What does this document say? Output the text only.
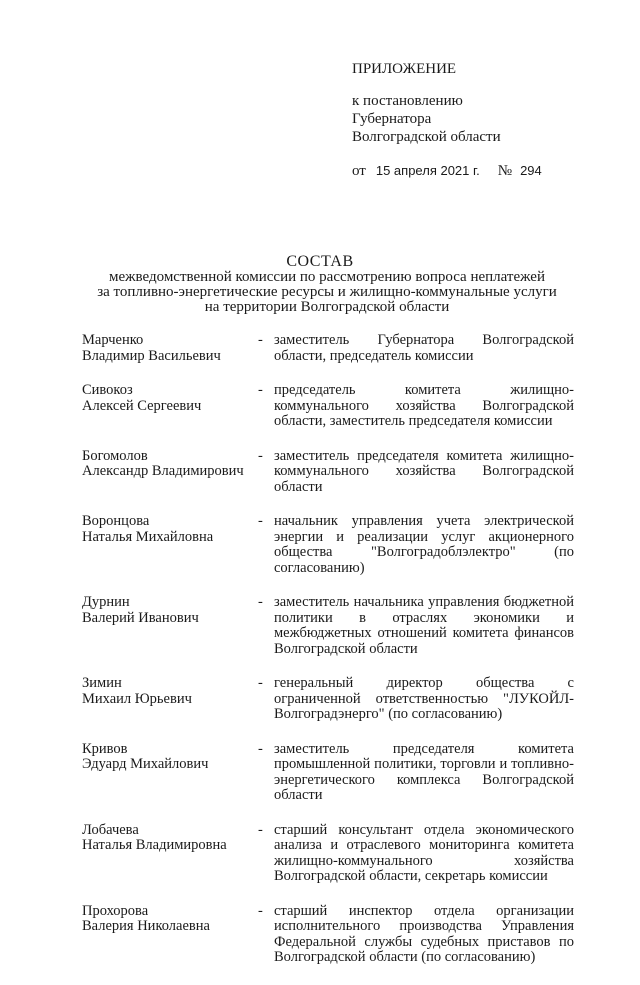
ПРИЛОЖЕНИЕ
к постановлению
Губернатора
Волгоградской области
от 15 апреля 2021 г. № 294
СОСТАВ
межведомственной комиссии по рассмотрению вопроса неплатежей
за топливно-энергетические ресурсы и жилищно-коммунальные услуги
на территории Волгоградской области
Марченко
Владимир Васильевич
- заместитель Губернатора Волгоградской области, председатель комиссии
Сивокоз
Алексей Сергеевич
- председатель комитета жилищно-коммунального хозяйства Волгоградской области, заместитель председателя комиссии
Богомолов
Александр Владимирович
- заместитель председателя комитета жилищно-коммунального хозяйства Волгоградской области
Воронцова
Наталья Михайловна
- начальник управления учета электрической энергии и реализации услуг акционерного общества "Волгоградоблэлектро" (по согласованию)
Дурнин
Валерий Иванович
- заместитель начальника управления бюджетной политики в отраслях экономики и межбюджетных отношений комитета финансов Волгоградской области
Зимин
Михаил Юрьевич
- генеральный директор общества с ограниченной ответственностью "ЛУКОЙЛ-Волгоградэнерго" (по согласованию)
Кривов
Эдуард Михайлович
- заместитель председателя комитета промышленной политики, торговли и топливно-энергетического комплекса Волгоградской области
Лобачева
Наталья Владимировна
- старший консультант отдела экономического анализа и отраслевого мониторинга комитета жилищно-коммунального хозяйства Волгоградской области, секретарь комиссии
Прохорова
Валерия Николаевна
- старший инспектор отдела организации исполнительного производства Управления Федеральной службы судебных приставов по Волгоградской области (по согласованию)
